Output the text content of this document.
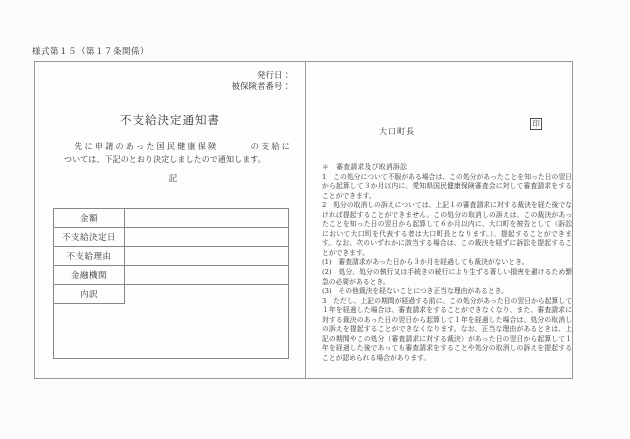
様式第１５（第１７条関係）
発行日：
被保険者番号：
不支給決定通知書
　先に申請のあった国民健康保険	の支給に
ついては、下記のとおり決定しましたので通知します。
記
金額
不支給決定日
不支給理由
金融機関
内訳
大口町長
印

＊　審査請求及び取消訴訟

1　この処分について不服がある場合は、この処分があったことを知った日の翌日から起算して３か月以内に、愛知県国民健康保険審査会に対して審査請求をすることができます。

2　処分の取消しの訴えについては、上記１の審査請求に対する裁決を経た後でなければ提起することができません。この処分の取消しの訴えは、この裁決があったことを知った日の翌日から起算して６か月以内に、大口町を被告として（訴訟において大口町を代表する者は大口町長となります。）、提起することができます。なお、次のいずれかに該当する場合は、この裁決を経ずに訴訟を提起することができます。

(1)　審査請求があった日から３か月を経過しても裁決がないとき。

(2)　処分、処分の執行又は手続きの続行により生ずる著しい損害を避けるため緊急の必要があるとき。

(3)　その他裁決を経ないことにつき正当な理由があるとき。

3　ただし、上記の期間が経過する前に、この処分があった日の翌日から起算して１年を経過した場合は、審査請求をすることができなくなり、また、審査請求に対する裁決のあった日の翌日から起算して１年を経過した場合は、処分の取消しの訴えを提起することができなくなります。なお、正当な理由があるときは、上記の期間やこの処分（審査請求に対する裁決）があった日の翌日から起算して１年を経過した後であっても審査請求をすることや処分の取消しの訴えを提起することが認められる場合があります。
